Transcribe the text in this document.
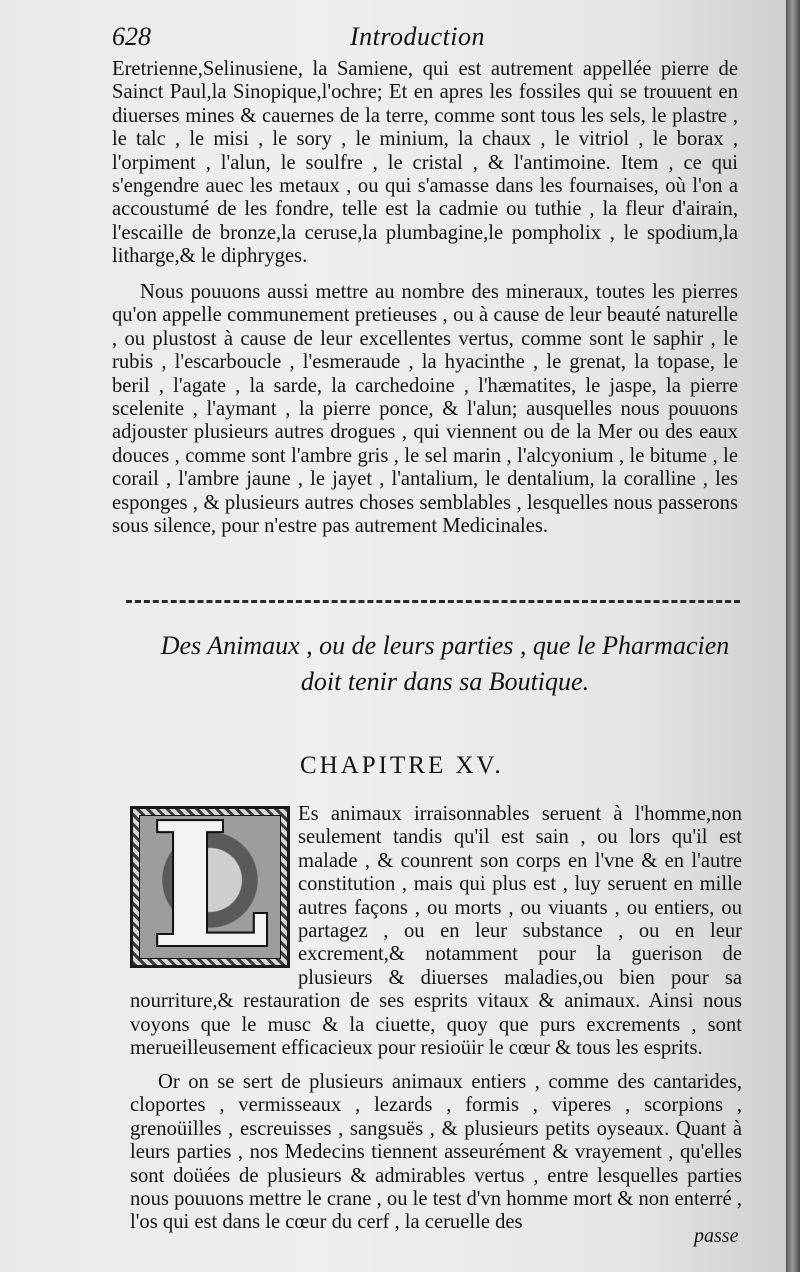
628	Introduction

Eretrienne,Selinusiene, la Samiene, qui est autrement appellée pierre de Sainct Paul,la Sinopique,l'ochre; Et en apres les fossiles qui se trouuent en diuerses mines & cauernes de la terre, comme sont tous les sels, le plastre , le talc , le misi , le sory , le minium, la chaux , le vitriol , le borax , l'orpiment , l'alun, le soulfre , le cristal , & l'antimoine. Item , ce qui s'engendre auec les metaux , ou qui s'amasse dans les fournaises, où l'on a accoustumé de les fondre, telle est la cadmie ou tuthie , la fleur d'airain, l'escaille de bronze,la ceruse,la plumbagine,le pompholix , le spodium,la litharge,& le diphryges.

Nous pouuons aussi mettre au nombre des mineraux, toutes les pierres qu'on appelle communement pretieuses , ou à cause de leur beauté naturelle , ou plustost à cause de leur excellentes vertus, comme sont le saphir , le rubis , l'escarboucle , l'esmeraude , la hyacinthe , le grenat, la topase, le beril , l'agate , la sarde, la carchedoine , l'hæmatites, le jaspe, la pierre scelenite , l'aymant , la pierre ponce, & l'alun; ausquelles nous pouuons adjouster plusieurs autres drogues , qui viennent ou de la Mer ou des eaux douces , comme sont l'ambre gris , le sel marin , l'alcyonium , le bitume , le corail , l'ambre jaune , le jayet , l'antalium, le dentalium, la coralline , les esponges , & plusieurs autres choses semblables , lesquelles nous passerons sous silence, pour n'estre pas autrement Medicinales.

Des Animaux , ou de leurs parties , que le Pharmacien doit tenir dans sa Boutique.

CHAPITRE XV.

Es animaux irraisonnables seruent à l'homme,non seulement tandis qu'il est sain , ou lors qu'il est malade , & counrent son corps en l'vne & en l'autre constitution , mais qui plus est , luy seruent en mille autres façons , ou morts , ou viuants , ou entiers, ou partagez , ou en leur substance , ou en leur excrement,& notamment pour la guerison de plusieurs & diuerses maladies,ou bien pour sa nourriture,& restauration de ses esprits vitaux & animaux. Ainsi nous voyons que le musc & la ciuette, quoy que purs excrements , sont merueilleusement efficacieux pour resioüir le cœur & tous les esprits.

L

Or on se sert de plusieurs animaux entiers , comme des cantarides, cloportes , vermisseaux , lezards , formis , viperes , scorpions , grenoüilles , escreuisses , sangsuës , & plusieurs petits oyseaux. Quant à leurs parties , nos Medecins tiennent asseurément & vrayement , qu'elles sont doüées de plusieurs & admirables vertus , entre lesquelles parties nous pouuons mettre le crane , ou le test d'vn homme mort & non enterré , l'os qui est dans le cœur du cerf , la ceruelle des

passe
